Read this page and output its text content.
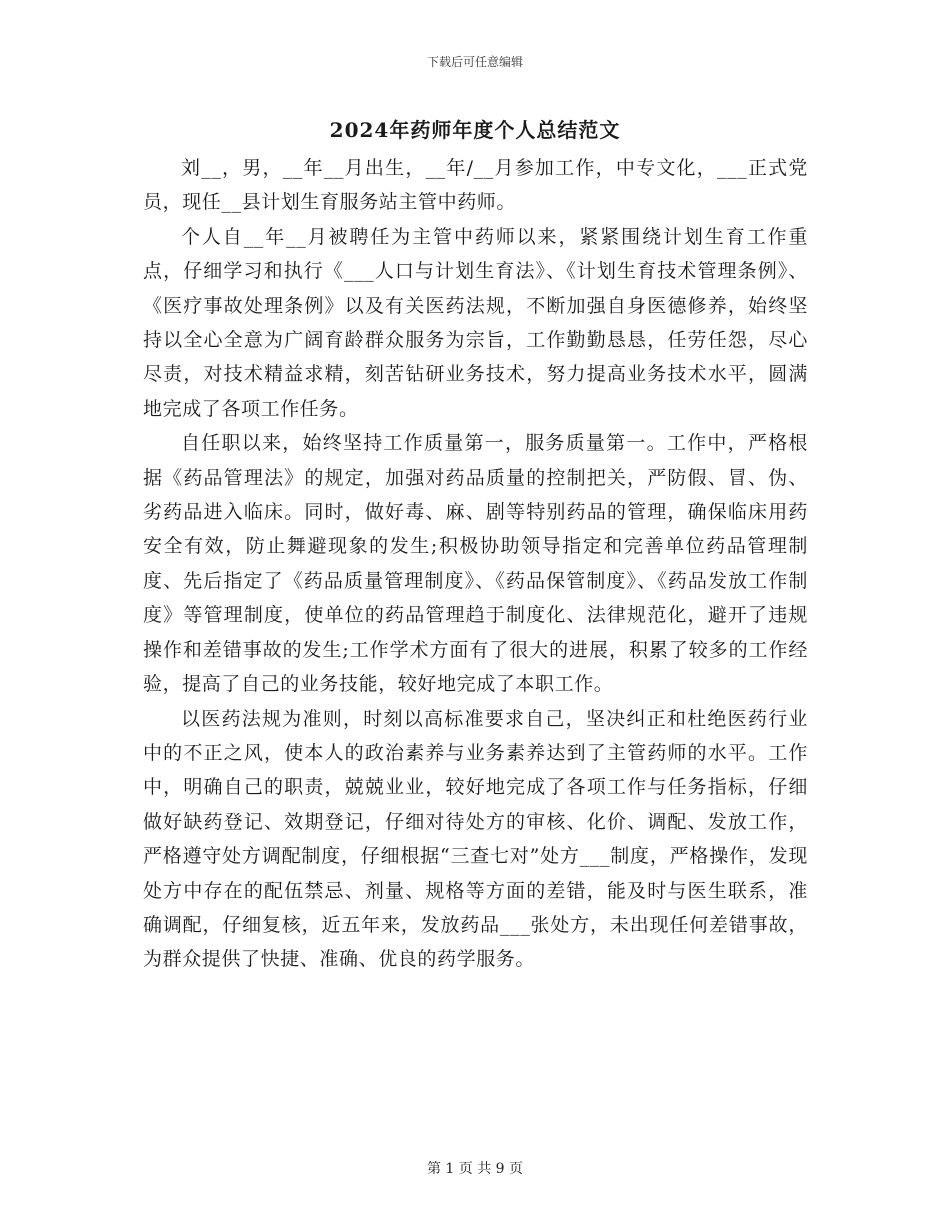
下载后可任意编辑
2024年药师年度个人总结范文

刘__，男，__年__月出生，__年/__月参加工作，中专文化，___正式党员，现任__县计划生育服务站主管中药师。

个人自__年__月被聘任为主管中药师以来，紧紧围绕计划生育工作重点，仔细学习和执行《___人口与计划生育法》、《计划生育技术管理条例》、《医疗事故处理条例》以及有关医药法规，不断加强自身医德修养，始终坚持以全心全意为广阔育龄群众服务为宗旨，工作勤勤恳恳，任劳任怨，尽心尽责，对技术精益求精，刻苦钻研业务技术，努力提高业务技术水平，圆满地完成了各项工作任务。

自任职以来，始终坚持工作质量第一，服务质量第一。工作中，严格根据《药品管理法》的规定，加强对药品质量的控制把关，严防假、冒、伪、劣药品进入临床。同时，做好毒、麻、剧等特别药品的管理，确保临床用药安全有效，防止舞避现象的发生;积极协助领导指定和完善单位药品管理制度、先后指定了《药品质量管理制度》、《药品保管制度》、《药品发放工作制度》等管理制度，使单位的药品管理趋于制度化、法律规范化，避开了违规操作和差错事故的发生;工作学术方面有了很大的进展，积累了较多的工作经验，提高了自己的业务技能，较好地完成了本职工作。

以医药法规为准则，时刻以高标准要求自己，坚决纠正和杜绝医药行业中的不正之风，使本人的政治素养与业务素养达到了主管药师的水平。工作中，明确自己的职责，兢兢业业，较好地完成了各项工作与任务指标，仔细做好缺药登记、效期登记，仔细对待处方的审核、化价、调配、发放工作，严格遵守处方调配制度，仔细根据“三查七对”处方___制度，严格操作，发现处方中存在的配伍禁忌、剂量、规格等方面的差错，能及时与医生联系，准确调配，仔细复核，近五年来，发放药品___张处方，未出现任何差错事故，为群众提供了快捷、准确、优良的药学服务。

第 1 页 共 9 页
